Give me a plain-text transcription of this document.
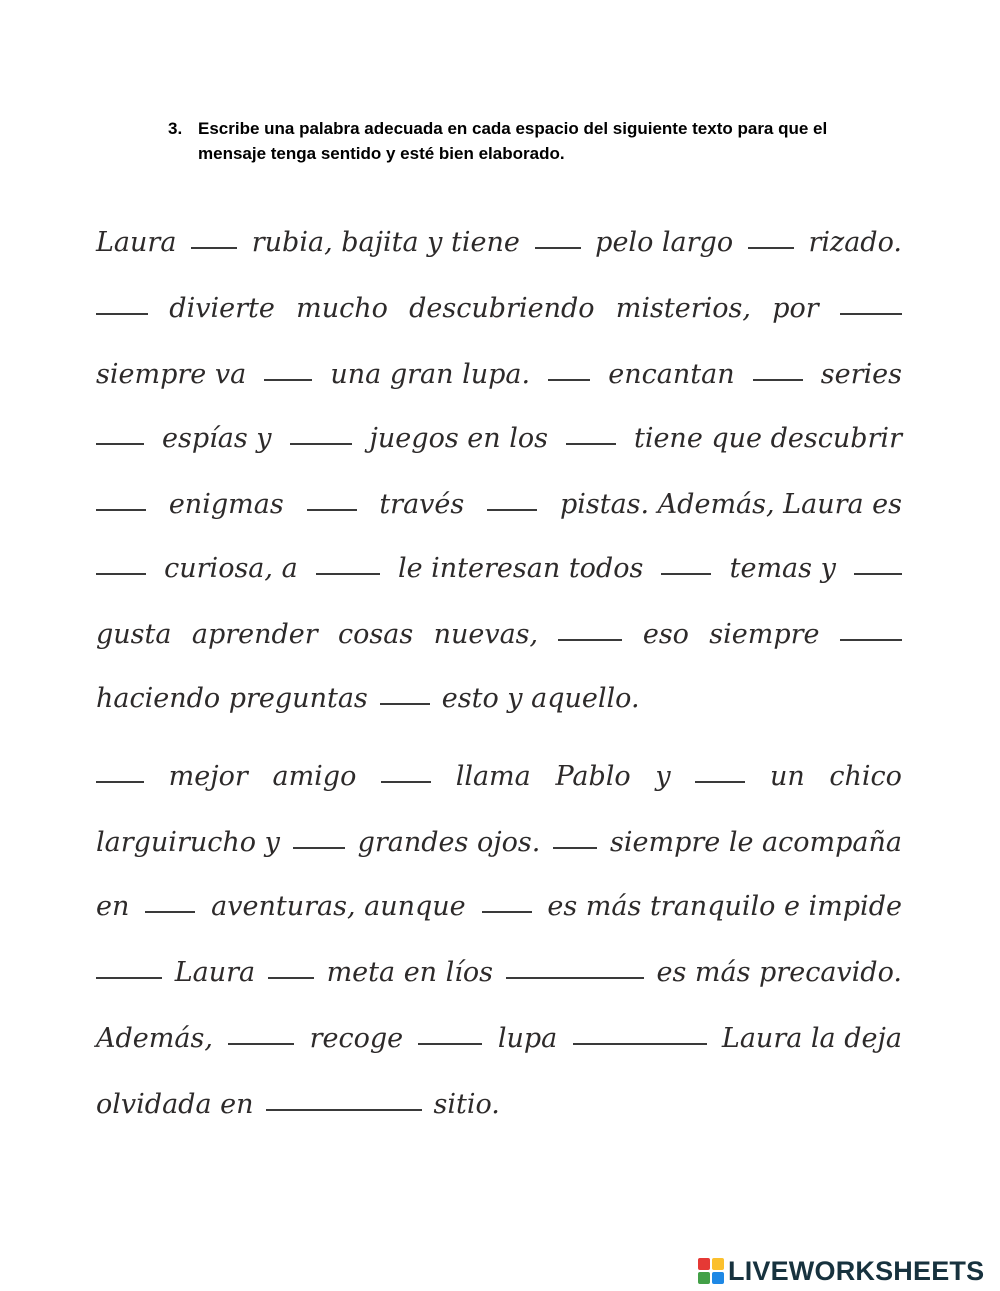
3. Escribe una palabra adecuada en cada espacio del siguiente texto para que el mensaje tenga sentido y esté bien elaborado.
Laura	rubia, bajita y tiene	pelo largo	rizado.
divierte mucho descubriendo misterios, por
siempre va	una gran lupa.	encantan	series
espías y	juegos en los	tiene que descubrir
enigmas	través	pistas. Además, Laura es
curiosa, a	le interesan todos	temas y
gusta aprender cosas nuevas,	eso siempre
haciendo preguntas	esto y aquello.
mejor amigo	llama Pablo y	un chico
larguirucho y	grandes ojos.	siempre le acompaña
en	aventuras, aunque	es más tranquilo e impide
Laura	meta en líos	es más precavido.
Además,	recoge	lupa	Laura la deja
olvidada en	sitio.
LIVEWORKSHEETS
